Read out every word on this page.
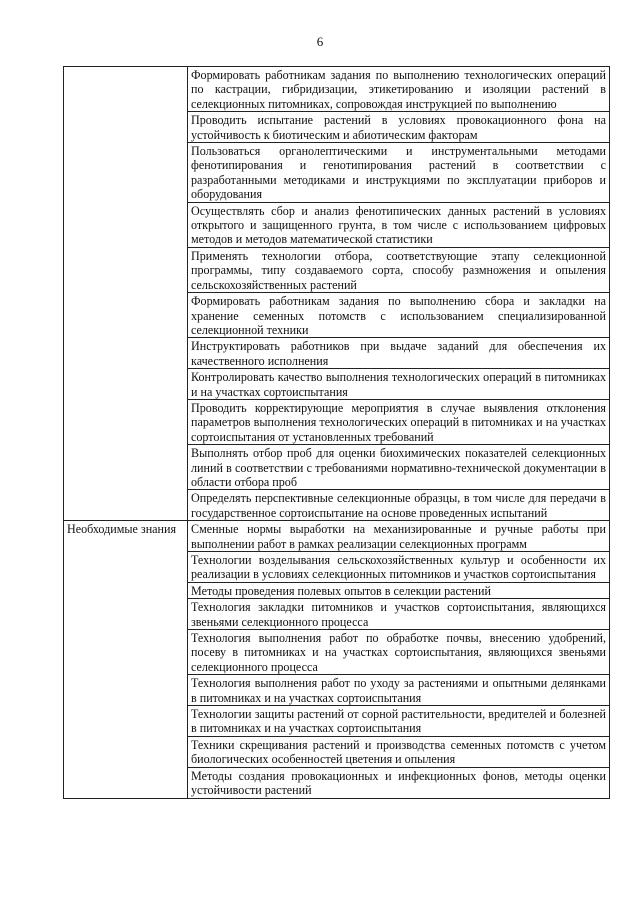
6
	Формировать работникам задания по выполнению технологических операций по кастрации, гибридизации, этикетированию и изоляции растений в селекционных питомниках, сопровождая инструкцией по выполнению
	Проводить испытание растений в условиях провокационного фона на устойчивость к биотическим и абиотическим факторам
	Пользоваться органолептическими и инструментальными методами фенотипирования и генотипирования растений в соответствии с разработанными методиками и инструкциями по эксплуатации приборов и оборудования
	Осуществлять сбор и анализ фенотипических данных растений в условиях открытого и защищенного грунта, в том числе с использованием цифровых методов и методов математической статистики
	Применять технологии отбора, соответствующие этапу селекционной программы, типу создаваемого сорта, способу размножения и опыления сельскохозяйственных растений
	Формировать работникам задания по выполнению сбора и закладки на хранение семенных потомств с использованием специализированной селекционной техники
	Инструктировать работников при выдаче заданий для обеспечения их качественного исполнения
	Контролировать качество выполнения технологических операций в питомниках и на участках сортоиспытания
	Проводить корректирующие мероприятия в случае выявления отклонения параметров выполнения технологических операций в питомниках и на участках сортоиспытания от установленных требований
	Выполнять отбор проб для оценки биохимических показателей селекционных линий в соответствии с требованиями нормативно-технической документации в области отбора проб
	Определять перспективные селекционные образцы, в том числе для передачи в государственное сортоиспытание на основе проведенных испытаний
Необходимые знания	Сменные нормы выработки на механизированные и ручные работы при выполнении работ в рамках реализации селекционных программ
	Технологии возделывания сельскохозяйственных культур и особенности их реализации в условиях селекционных питомников и участков сортоиспытания
	Методы проведения полевых опытов в селекции растений
	Технология закладки питомников и участков сортоиспытания, являющихся звеньями селекционного процесса
	Технология выполнения работ по обработке почвы, внесению удобрений, посеву в питомниках и на участках сортоиспытания, являющихся звеньями селекционного процесса
	Технология выполнения работ по уходу за растениями и опытными делянками в питомниках и на участках сортоиспытания
	Технологии защиты растений от сорной растительности, вредителей и болезней в питомниках и на участках сортоиспытания
	Техники скрещивания растений и производства семенных потомств с учетом биологических особенностей цветения и опыления
	Методы создания провокационных и инфекционных фонов, методы оценки устойчивости растений
